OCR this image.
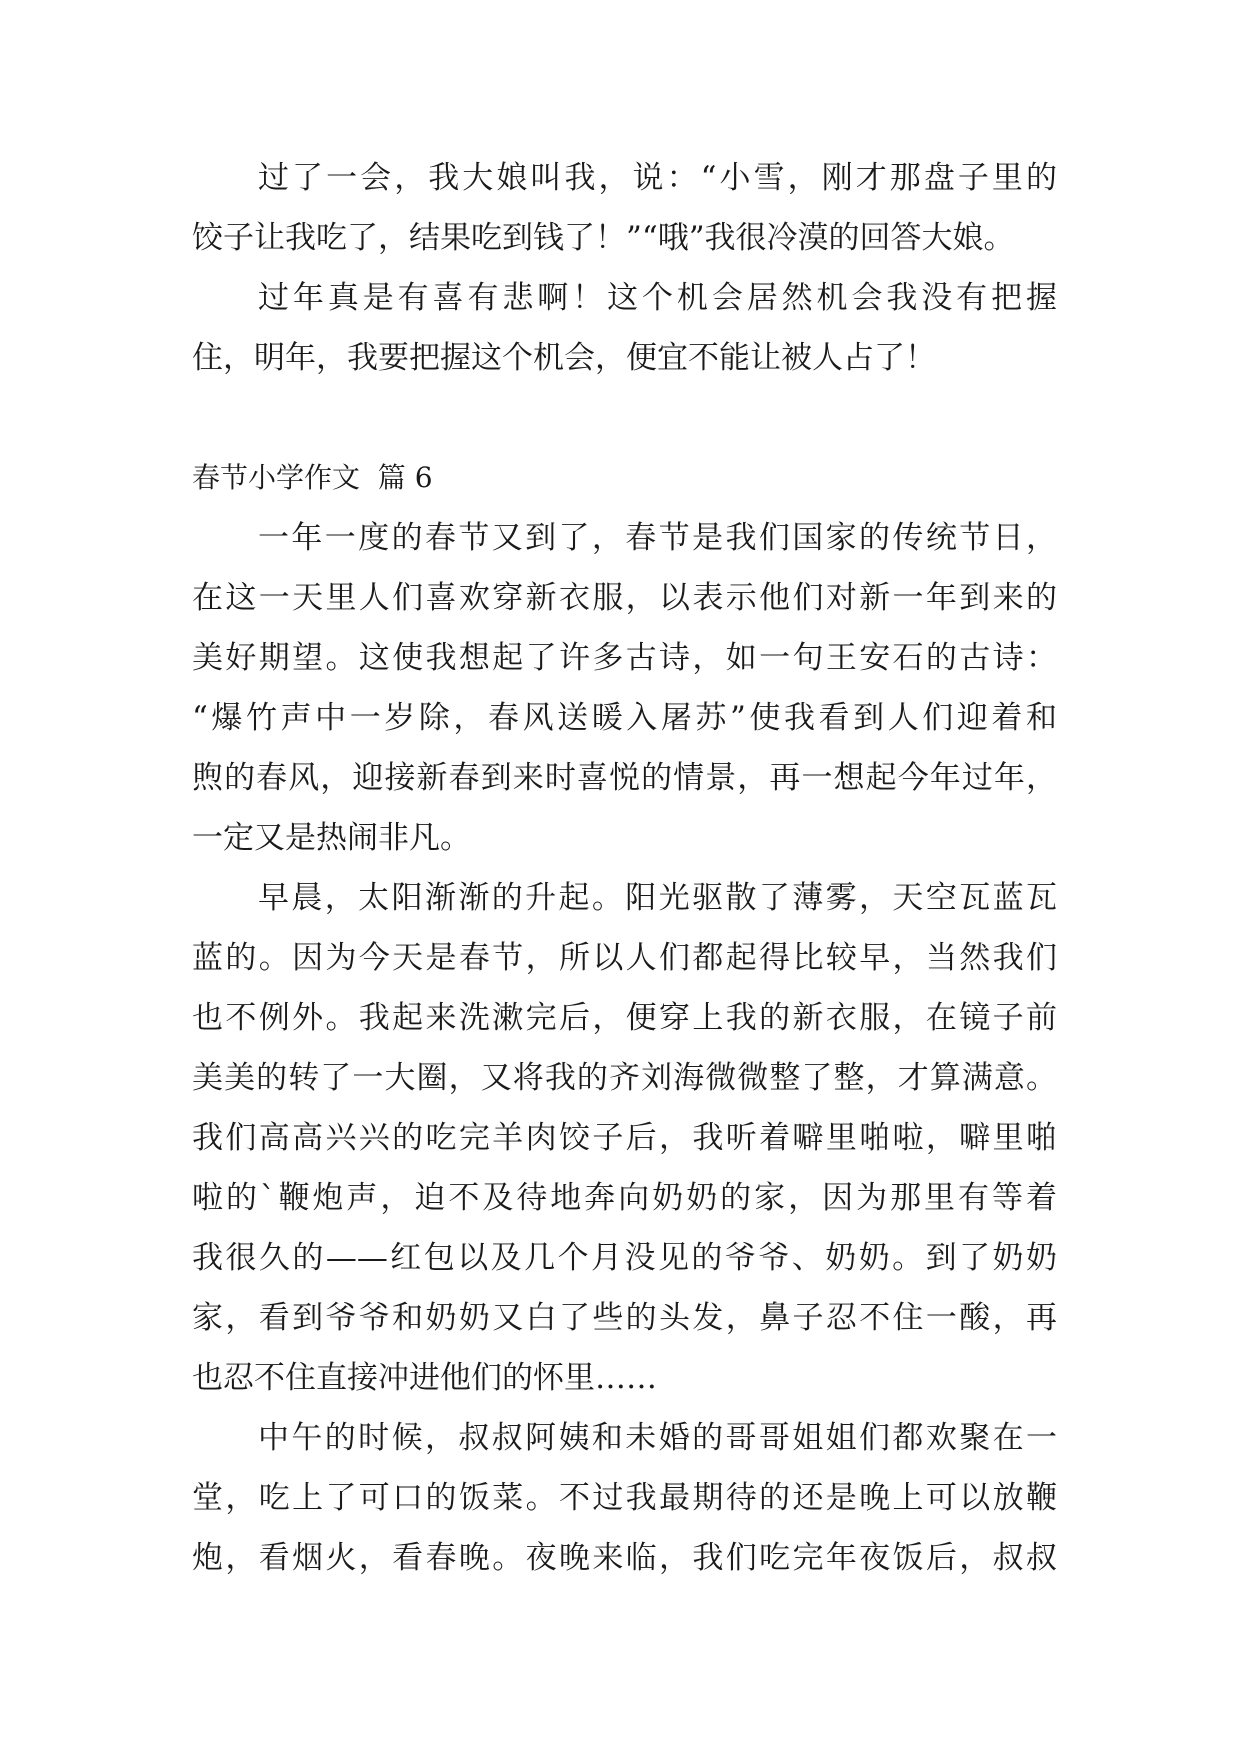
过了一会，我大娘叫我，说：“小雪，刚才那盘子里的
饺子让我吃了，结果吃到钱了！”“哦”我很冷漠的回答大娘。
过年真是有喜有悲啊！这个机会居然机会我没有把握
住，明年，我要把握这个机会，便宜不能让被人占了！
春节小学作文  篇 6
一年一度的春节又到了，春节是我们国家的传统节日，
在这一天里人们喜欢穿新衣服，以表示他们对新一年到来的
美好期望。这使我想起了许多古诗，如一句王安石的古诗：
“爆竹声中一岁除，春风送暖入屠苏”使我看到人们迎着和
煦的春风，迎接新春到来时喜悦的情景，再一想起今年过年，
一定又是热闹非凡。
早晨，太阳渐渐的升起。阳光驱散了薄雾，天空瓦蓝瓦
蓝的。因为今天是春节，所以人们都起得比较早，当然我们
也不例外。我起来洗漱完后，便穿上我的新衣服，在镜子前
美美的转了一大圈，又将我的齐刘海微微整了整，才算满意。
我们高高兴兴的吃完羊肉饺子后，我听着噼里啪啦，噼里啪
啦的`鞭炮声，迫不及待地奔向奶奶的家，因为那里有等着
我很久的——红包以及几个月没见的爷爷、奶奶。到了奶奶
家，看到爷爷和奶奶又白了些的头发，鼻子忍不住一酸，再
也忍不住直接冲进他们的怀里……
中午的时候，叔叔阿姨和未婚的哥哥姐姐们都欢聚在一
堂，吃上了可口的饭菜。不过我最期待的还是晚上可以放鞭
炮，看烟火，看春晚。夜晚来临，我们吃完年夜饭后，叔叔
